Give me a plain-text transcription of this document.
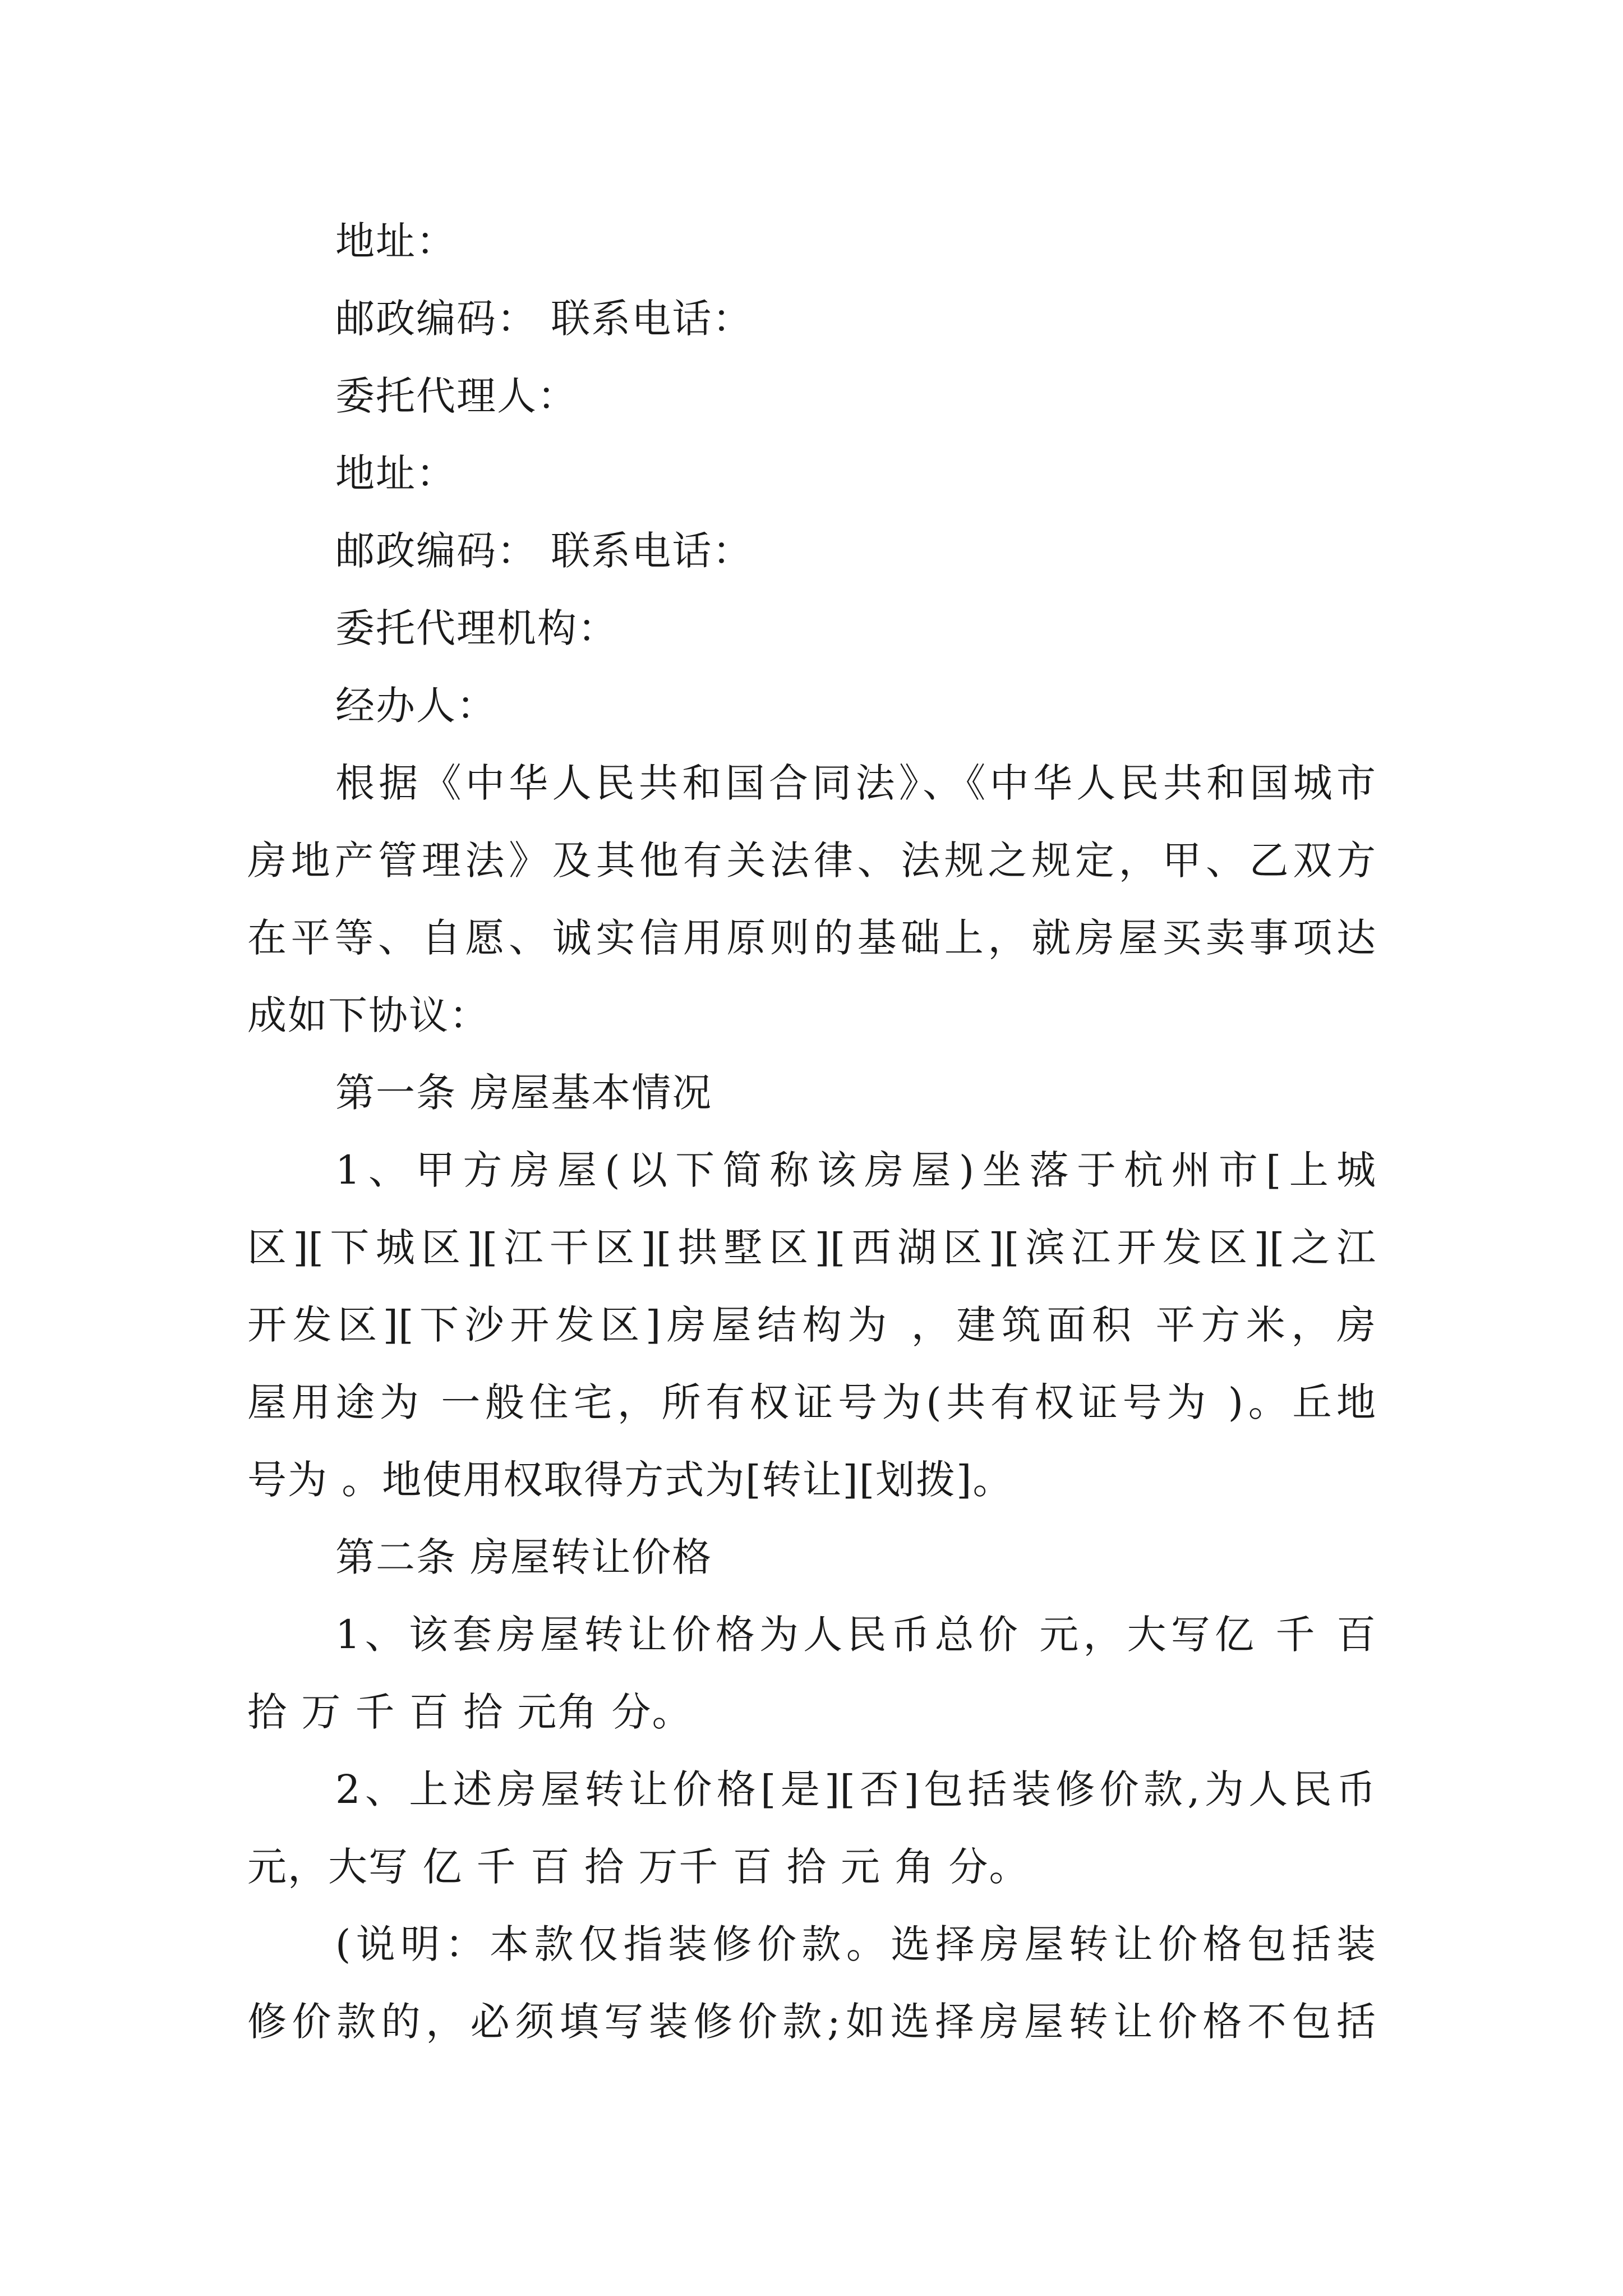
地址：
邮政编码： 联系电话：
委托代理人：
地址：
邮政编码： 联系电话：
委托代理机构：
经办人：
根据《中华人民共和国合同法》、《中华人民共和国城市
房地产管理法》及其他有关法律、法规之规定，甲、乙双方
在平等、自愿、诚实信用原则的基础上，就房屋买卖事项达
成如下协议：
第一条 房屋基本情况
1、甲方房屋(以下简称该房屋)坐落于杭州市[上城
区][下城区][江干区][拱墅区][西湖区][滨江开发区][之江
开发区][下沙开发区]房屋结构为 ，建筑面积 平方米，房
屋用途为 一般住宅，所有权证号为(共有权证号为 )。丘地
号为 。地使用权取得方式为[转让][划拨]。
第二条 房屋转让价格
1、该套房屋转让价格为人民币总价 元，大写亿 千 百
拾 万 千 百 拾 元角 分。
2、上述房屋转让价格[是][否]包括装修价款,为人民币
元，大写 亿 千 百 拾 万千 百 拾 元 角 分。
(说明：本款仅指装修价款。选择房屋转让价格包括装
修价款的，必须填写装修价款;如选择房屋转让价格不包括
